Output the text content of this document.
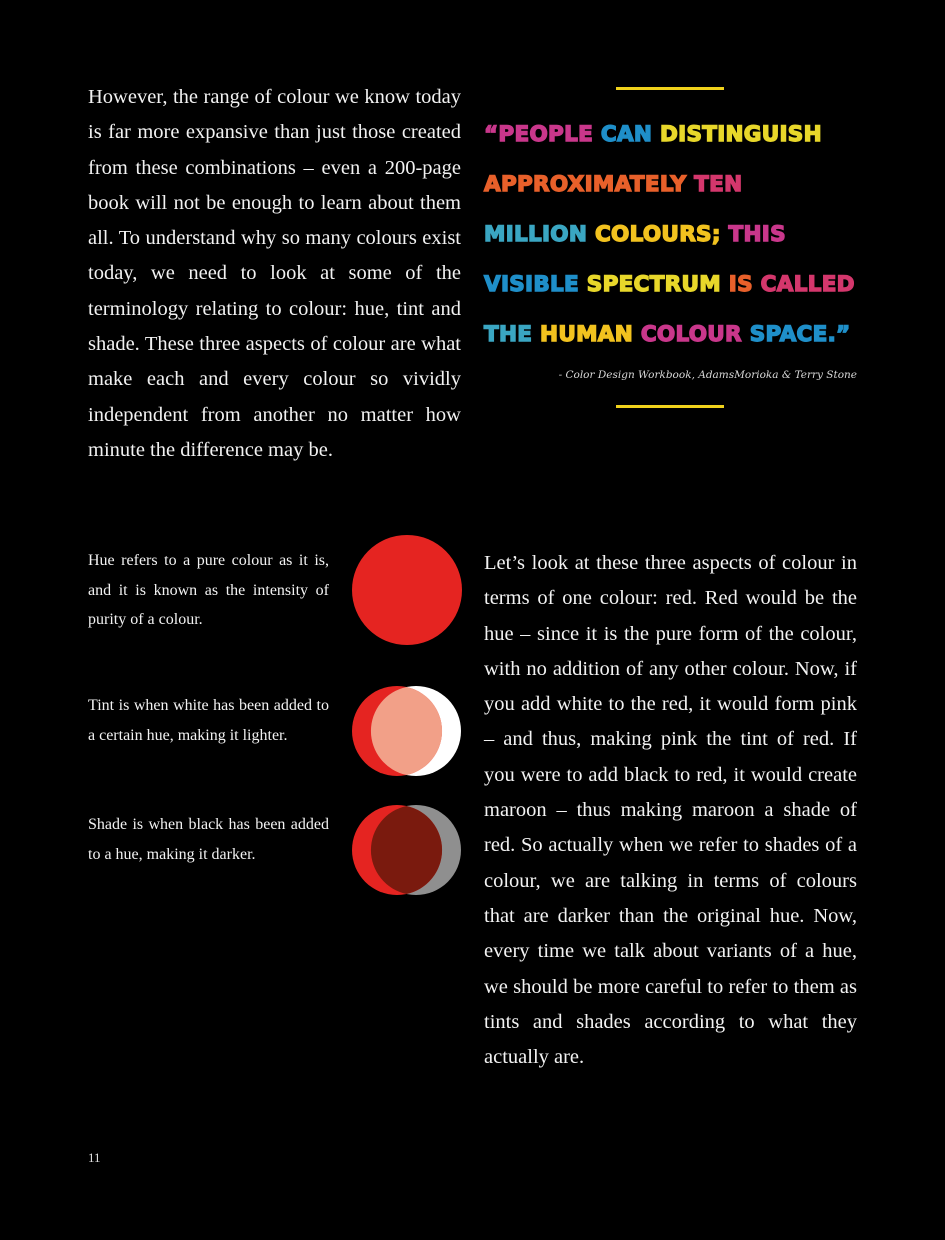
However, the range of colour we know today is far more expansive than just those created from these combinations – even a 200-page book will not be enough to learn about them all. To understand why so many colours exist today, we need to look at some of the terminology relating to colour: hue, tint and shade. These three aspects of colour are what make each and every colour so vividly independent from another no matter how minute the difference may be.

“PEOPLE CAN DISTINGUISH
APPROXIMATELY TEN
MILLION COLOURS; THIS
VISIBLE SPECTRUM IS CALLED
THE HUMAN COLOUR SPACE.”
- Color Design Workbook, AdamsMorioka & Terry Stone

Hue refers to a pure colour as it is, and it is known as the intensity of purity of a colour.

Tint is when white has been added to a certain hue, making it lighter.

Shade is when black has been added to a hue, making it darker.

Let’s look at these three aspects of colour in terms of one colour: red. Red would be the hue – since it is the pure form of the colour, with no addition of any other colour. Now, if you add white to the red, it would form pink – and thus, making pink the tint of red. If you were to add black to red, it would create maroon – thus making maroon a shade of red. So actually when we refer to shades of a colour, we are talking in terms of colours that are darker than the original hue. Now, every time we talk about variants of a hue, we should be more careful to refer to them as tints and shades according to what they actually are.

11
